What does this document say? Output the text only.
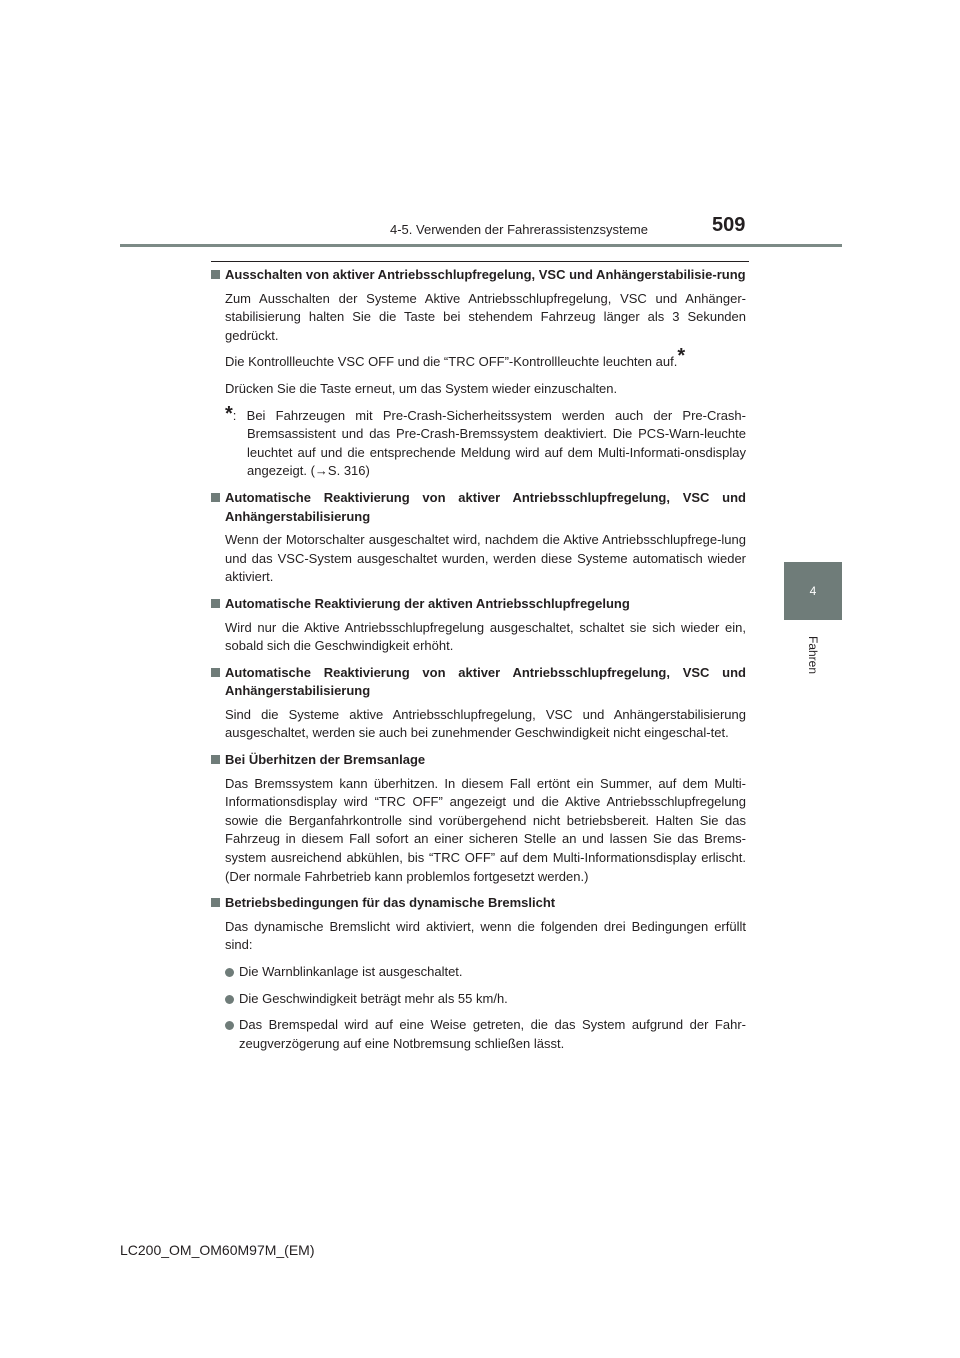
4-5. Verwenden der Fahrerassistenzsysteme	509
4
Fahren
Ausschalten von aktiver Antriebsschlupfregelung, VSC und Anhängerstabilisie-rung

Zum Ausschalten der Systeme Aktive Antriebsschlupfregelung, VSC und Anhänger-stabilisierung halten Sie die Taste bei stehendem Fahrzeug länger als 3 Sekunden gedrückt.

Die Kontrollleuchte VSC OFF und die “TRC OFF”-Kontrollleuchte leuchten auf.*

Drücken Sie die Taste erneut, um das System wieder einzuschalten.

*: Bei Fahrzeugen mit Pre-Crash-Sicherheitssystem werden auch der Pre-Crash-Bremsassistent und das Pre-Crash-Bremssystem deaktiviert. Die PCS-Warn-leuchte leuchtet auf und die entsprechende Meldung wird auf dem Multi-Informati-onsdisplay angezeigt. (→S. 316)

Automatische Reaktivierung von aktiver Antriebsschlupfregelung, VSC und Anhängerstabilisierung

Wenn der Motorschalter ausgeschaltet wird, nachdem die Aktive Antriebsschlupfrege-lung und das VSC-System ausgeschaltet wurden, werden diese Systeme automatisch wieder aktiviert.

Automatische Reaktivierung der aktiven Antriebsschlupfregelung

Wird nur die Aktive Antriebsschlupfregelung ausgeschaltet, schaltet sie sich wieder ein, sobald sich die Geschwindigkeit erhöht.

Automatische Reaktivierung von aktiver Antriebsschlupfregelung, VSC und Anhängerstabilisierung

Sind die Systeme aktive Antriebsschlupfregelung, VSC und Anhängerstabilisierung ausgeschaltet, werden sie auch bei zunehmender Geschwindigkeit nicht eingeschal-tet.

Bei Überhitzen der Bremsanlage

Das Bremssystem kann überhitzen. In diesem Fall ertönt ein Summer, auf dem Multi-Informationsdisplay wird “TRC OFF” angezeigt und die Aktive Antriebsschlupfregelung sowie die Berganfahrkontrolle sind vorübergehend nicht betriebsbereit. Halten Sie das Fahrzeug in diesem Fall sofort an einer sicheren Stelle an und lassen Sie das Brems-system ausreichend abkühlen, bis “TRC OFF” auf dem Multi-Informationsdisplay erlischt. (Der normale Fahrbetrieb kann problemlos fortgesetzt werden.)

Betriebsbedingungen für das dynamische Bremslicht

Das dynamische Bremslicht wird aktiviert, wenn die folgenden drei Bedingungen erfüllt sind:

Die Warnblinkanlage ist ausgeschaltet.

Die Geschwindigkeit beträgt mehr als 55 km/h.

Das Bremspedal wird auf eine Weise getreten, die das System aufgrund der Fahr-zeugverzögerung auf eine Notbremsung schließen lässt.

LC200_OM_OM60M97M_(EM)
